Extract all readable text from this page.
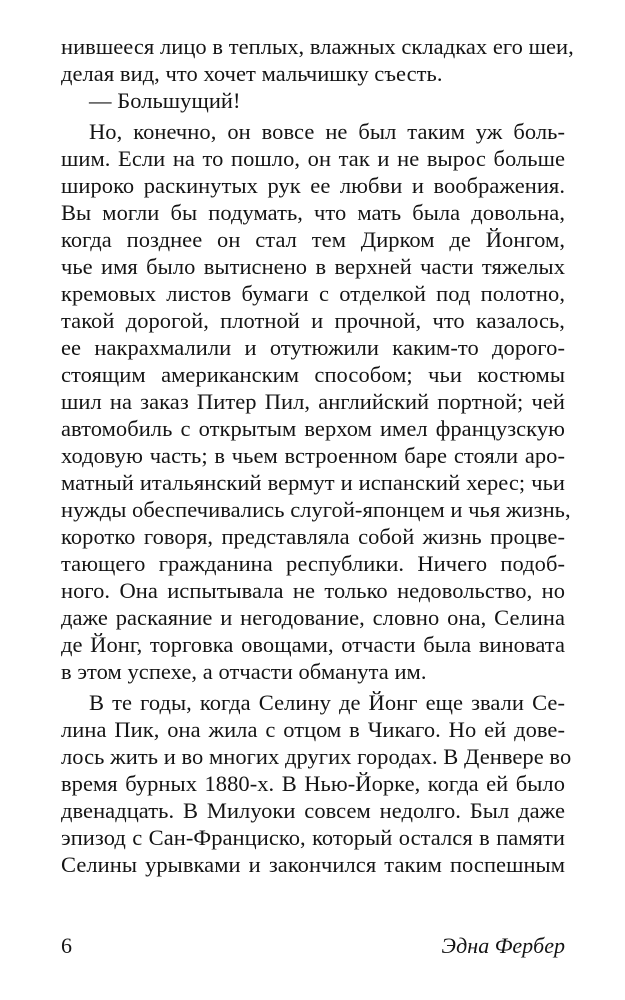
нившееся лицо в теплых, влажных складках его шеи,
делая вид, что хочет мальчишку съесть.
— Большущий!
Но, конечно, он вовсе не был таким уж боль-
шим. Если на то пошло, он так и не вырос больше
широко раскинутых рук ее любви и воображения.
Вы могли бы подумать, что мать была довольна,
когда позднее он стал тем Дирком де Йонгом,
чье имя было вытиснено в верхней части тяжелых
кремовых листов бумаги с отделкой под полотно,
такой дорогой, плотной и прочной, что казалось,
ее накрахмалили и отутюжили каким-то дорого-
стоящим американским способом; чьи костюмы
шил на заказ Питер Пил, английский портной; чей
автомобиль с открытым верхом имел французскую
ходовую часть; в чьем встроенном баре стояли аро-
матный итальянский вермут и испанский херес; чьи
нужды обеспечивались слугой-японцем и чья жизнь,
коротко говоря, представляла собой жизнь процве-
тающего гражданина республики. Ничего подоб-
ного. Она испытывала не только недовольство, но
даже раскаяние и негодование, словно она, Селина
де Йонг, торговка овощами, отчасти была виновата
в этом успехе, а отчасти обманута им.
В те годы, когда Селину де Йонг еще звали Се-
лина Пик, она жила с отцом в Чикаго. Но ей дове-
лось жить и во многих других городах. В Денвере во
время бурных 1880-х. В Нью-Йорке, когда ей было
двенадцать. В Милуоки совсем недолго. Был даже
эпизод с Сан-Франциско, который остался в памяти
Селины урывками и закончился таким поспешным
6	Эдна Фербер
